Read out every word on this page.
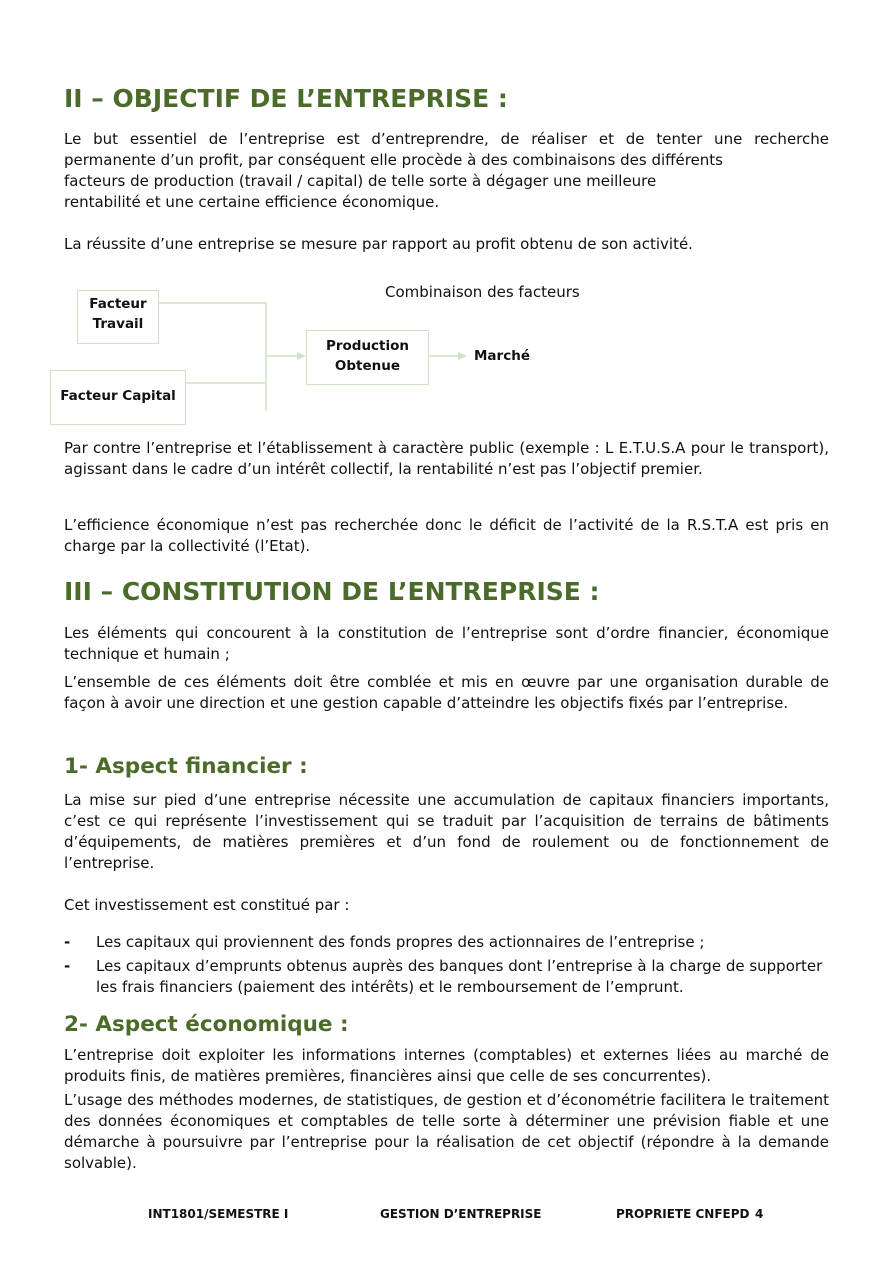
II – OBJECTIF DE L’ENTREPRISE :

Le but essentiel de l’entreprise est d’entreprendre, de réaliser et de tenter une recherche permanente d’un profit, par conséquent elle procède à des combinaisons des différents

facteurs de production (travail / capital) de telle sorte à dégager une meilleure

rentabilité et une certaine efficience économique.

La réussite d’une entreprise se mesure par rapport au profit obtenu de son activité.

Combinaison des facteurs
Facteur
Travail
Facteur Capital
Production
Obtenue
Marché

Par contre l’entreprise et l’établissement à caractère public (exemple : L E.T.U.S.A pour le transport), agissant dans le cadre d’un intérêt collectif, la rentabilité n’est pas l’objectif premier.

L’efficience économique n’est pas recherchée donc le déficit de l’activité de la R.S.T.A est pris en charge par la collectivité (l’Etat).

III – CONSTITUTION DE L’ENTREPRISE :

Les éléments qui concourent à la constitution de l’entreprise sont d’ordre financier, économique technique et humain ;

L’ensemble de ces éléments doit être comblée et mis en œuvre par une organisation durable de façon à avoir une direction et une gestion capable d’atteindre les objectifs fixés par l’entreprise.

1- Aspect financier :

La mise sur pied d’une entreprise nécessite une accumulation de capitaux financiers importants, c’est ce qui représente l’investissement qui se traduit par l’acquisition de terrains de bâtiments d’équipements, de matières premières et d’un fond de roulement ou de fonctionnement de l’entreprise.

Cet investissement est constitué par :

- Les capitaux qui proviennent des fonds propres des actionnaires de l’entreprise ;
- Les capitaux d’emprunts obtenus auprès des banques dont l’entreprise à la charge de supporter les frais financiers (paiement des intérêts) et le remboursement de l’emprunt.
2- Aspect économique :

L’entreprise doit exploiter les informations internes (comptables) et externes liées au marché de produits finis, de matières premières, financières ainsi que celle de ses concurrentes).

L’usage des méthodes modernes, de statistiques, de gestion et d’économétrie facilitera le traitement des données économiques et comptables de telle sorte à déterminer une prévision fiable et une démarche à poursuivre par l’entreprise pour la réalisation de cet objectif (répondre à la demande solvable).

INT1801/SEMESTRE I	GESTION D’ENTREPRISE	PROPRIETE CNFEPD 4
